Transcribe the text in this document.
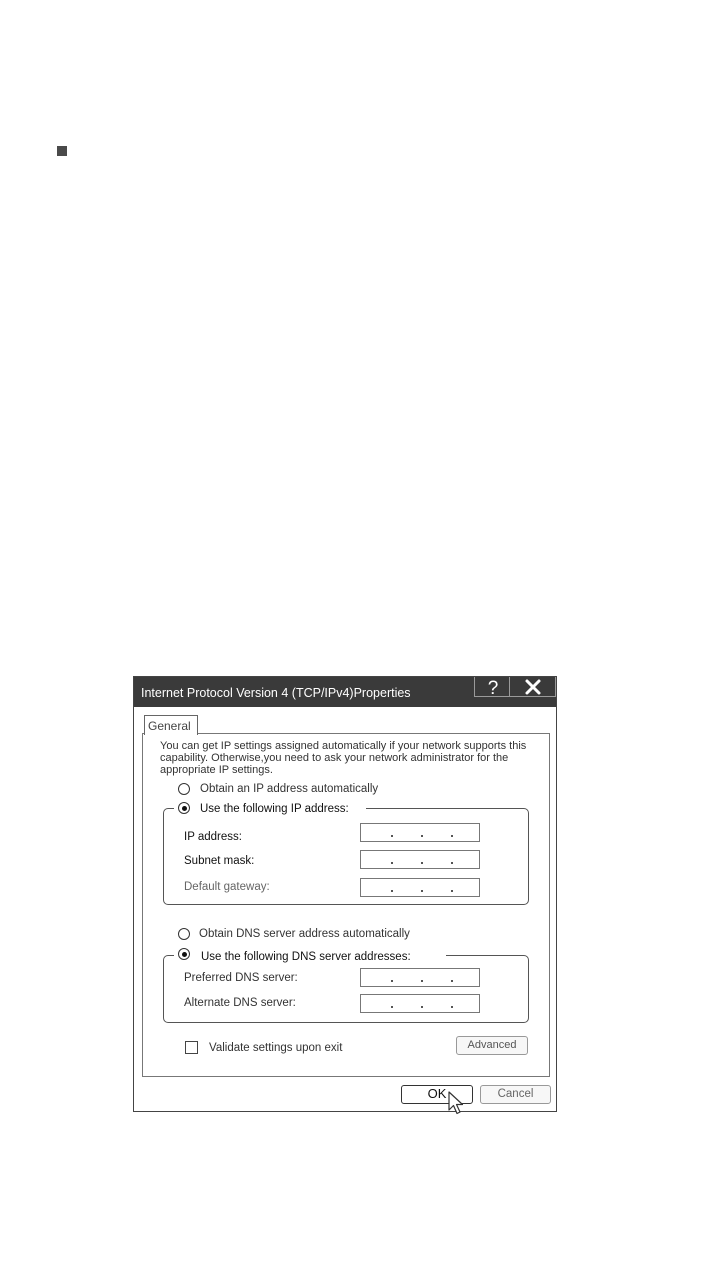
Internet Protocol Version 4 (TCP/IPv4)Properties	?
General
You can get IP settings assigned automatically if your network supports this capability. Otherwise,you need to ask your network administrator for the appropriate IP settings.
Obtain an IP address automatically
Use the following IP address:
IP address:
Subnet mask:
Default gateway:
Obtain DNS server address automatically
Use the following DNS server addresses:
Preferred DNS server:
Alternate DNS server:
Validate settings upon exit	Advanced
OK	Cancel
